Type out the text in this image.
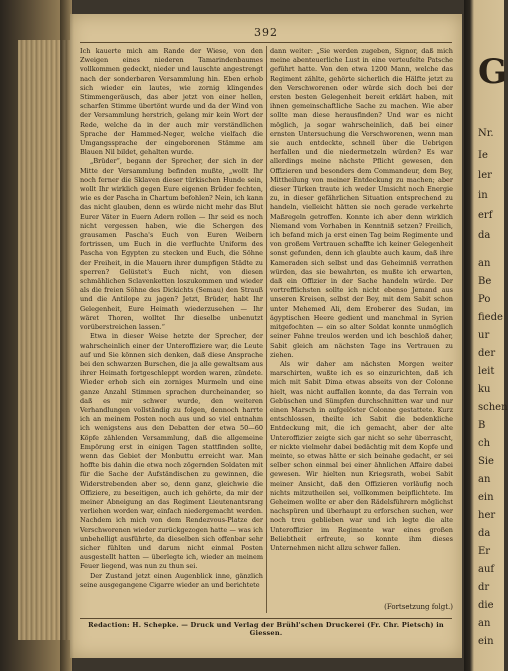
392

Ich kauerte mich am Rande der Wiese, von den Zweigen eines niederen Tamarindenbaumes vollkommen gedeckt, nieder und lauschte angestrengt nach der sonderbaren Versammlung hin. Eben erhob sich wieder ein lautes, wie zornig klingendes Stimmengeräusch, das aber jetzt von einer hellen, scharfen Stimme übertönt wurde und da der Wind von der Versammlung herstrich, gelang mir kein Wort der Rede, welche da in der auch mir verständlichen Sprache der Hammed-Neger, welche vielfach die Umgangssprache der eingeborenen Stämme am Blauen Nil bildet, gehalten wurde.

„Brüder“, begann der Sprecher, der sich in der Mitte der Versammlung befinden mußte, „wollt Ihr noch ferner die Sklaven dieser türkischen Hunde sein, wollt Ihr wirklich gegen Eure eigenen Brüder fechten, wie es der Pascha in Chartum befohlen? Nein, ich kann das nicht glauben, denn es würde nicht mehr das Blut Eurer Väter in Euern Adern rollen — Ihr seid es noch nicht vergessen haben, wie die Schergen des grausamen Pascha's Euch von Euren Weibern fortrissen, um Euch in die verfluchte Uniform des Pascha von Egypten zu stecken und Euch, die Söhne der Freiheit, in die Mauern ihrer dumpfigen Städte zu sperren? Gelüstet's Euch nicht, von diesen schmählichen Sclavenketten loszukommen und wieder als die freien Söhne des Dickichts (Semau) den Strauß und die Antilope zu jagen? Jetzt, Brüder, habt Ihr Gelegenheit, Eure Heimath wiederzusehen — Ihr wäret Thoren, wolltet Ihr dieselbe unbenutzt vorüberstreichen lassen.“

Etwa in dieser Weise hetzte der Sprecher, der wahrscheinlich einer der Unteroffiziere war, die Leute auf und Sie können sich denken, daß diese Ansprache bei den schwarzen Burschen, die ja alle gewaltsam aus ihrer Heimath fortgeschleppt worden waren, zündete. Wieder erhob sich ein zorniges Murmeln und eine ganze Anzahl Stimmen sprachen durcheinander, so daß es mir schwer wurde, den weiteren Verhandlungen vollständig zu folgen, dennoch harrte ich an meinem Posten noch aus und so viel entnahm ich wenigstens aus den Debatten der etwa 50—60 Köpfe zählenden Versammlung, daß die allgemeine Empörung erst in einigen Tagen stattfinden sollte, wenn das Gebiet der Monbuttu erreicht war. Man hoffte bis dahin die etwa noch zögernden Soldaten mit für die Sache der Aufständischen zu gewinnen, die Widerstrebenden aber so, denn ganz, gleichwie die Offiziere, zu beseitigen, auch ich gehörte, da mir der meiner Abneigung an das Regiment Lieutenantsrang verliehen worden war, einfach niedergemacht werden. Nachdem ich mich von dem Rendezvous-Platze der Verschworenen wieder zurückgezogen hatte — was ich unbehelligt ausführte, da dieselben sich offenbar sehr sicher fühlten und darum nicht einmal Posten ausgestellt hatten — überlegte ich, wieder an meinem Feuer liegend, was nun zu thun sei.

Der Zustand jetzt einen Augenblick inne, gänzlich seine ausgegangene Cigarre wieder an und berichtete

dann weiter: „Sie werden zugeben, Signor, daß mich meine abenteuerliche Lust in eine verteufelte Patsche geführt hatte. Von den etwa 1200 Mann, welche das Regiment zählte, gehörte sicherlich die Hälfte jetzt zu den Verschworenen oder würde sich doch bei der ersten besten Gelegenheit bereit erklärt haben, mit ihnen gemeinschaftliche Sache zu machen. Wie aber sollte man diese herausfinden? Und war es nicht möglich, ja sogar wahrscheinlich, daß bei einer ernsten Untersuchung die Verschworenen, wenn man sie auch entdeckte, schnell über die Uebrigen herfallen und die niedermetzeln würden? Es war allerdings meine nächste Pflicht gewesen, den Offizieren und besonders dem Commandeur, dem Bey, Mittheilung von meiner Entdeckung zu machen; aber dieser Türken traute ich weder Umsicht noch Energie zu, in dieser gefährlichen Situation entsprechend zu handeln, vielleicht hätten sie noch gerade verkehrte Maßregeln getroffen. Konnte ich aber denn wirklich Niemand vom Vorhaben in Kenntniß setzen? Freilich, ich befand mich ja erst einen Tag beim Regimente und von großem Vertrauen schaffte ich keiner Gelegenheit sonst gefunden, denn ich glaubte auch kaum, daß ihre Kameraden sich selbst und das Geheimniß verrathen würden, das sie bewahrten, es mußte ich erwarten, daß ein Offizier in der Sache handeln würde. Der vortrefflichsten sollte ich nicht ebenso Jemand aus unseren Kreisen, selbst der Bey, mit dem Sabit schon unter Mehemed Ali, dem Eroberer des Sudan, im ägyptischen Heere gedient und manchmal in Syrien mitgefochten — ein so alter Soldat konnte unmöglich seiner Fahne treulos werden und ich beschloß daher, Sabit gleich am nächsten Tage ins Vertrauen zu ziehen.

Als wir daher am nächsten Morgen weiter marschirten, wußte ich es so einzurichten, daß ich mich mit Sabit Dima etwas abseits von der Colonne hielt, was nicht auffallen konnte, da das Terrain von Gebüschen und Sümpfen durchschnitten war und nur einen Marsch in aufgelöster Colonne gestattete. Kurz entschlossen, theilte ich Sabit die bedenkliche Entdeckung mit, die ich gemacht, aber der alte Unteroffizier zeigte sich gar nicht so sehr überrascht, er nickte vielmehr dabei bedächtig mit dem Kopfe und meinte, so etwas hätte er sich beinahe gedacht, er sei selber schon einmal bei einer ähnlichen Affaire dabei gewesen. Wir hielten nun Kriegsrath, wobei Sabit meiner Ansicht, daß den Offizieren vorläufig noch nichts mitzutheilen sei, vollkommen beipflichtete. Im Geheimen wollte er aber den Rädelsführern möglichst nachspüren und überhaupt zu erforschen suchen, wer noch treu geblieben war und ich legte die alte Unteroffizier im Regimente war eines großen Beliebtheit erfreute, so konnte ihm dieses Unternehmen nicht allzu schwer fallen.

(Fortsetzung folgt.)
Redaction: H. Schepke. — Druck und Verlag der Brühl'schen Druckerei (Fr. Chr. Pietsch) in Giessen.
G
Nr.
an
Be
Po
fiede
ur
der
leit
ku
schen
B
ch
Sie
an
ein
her
da
Er
auf
dr
die
an
ein
Ie
ler
in
erf
da
